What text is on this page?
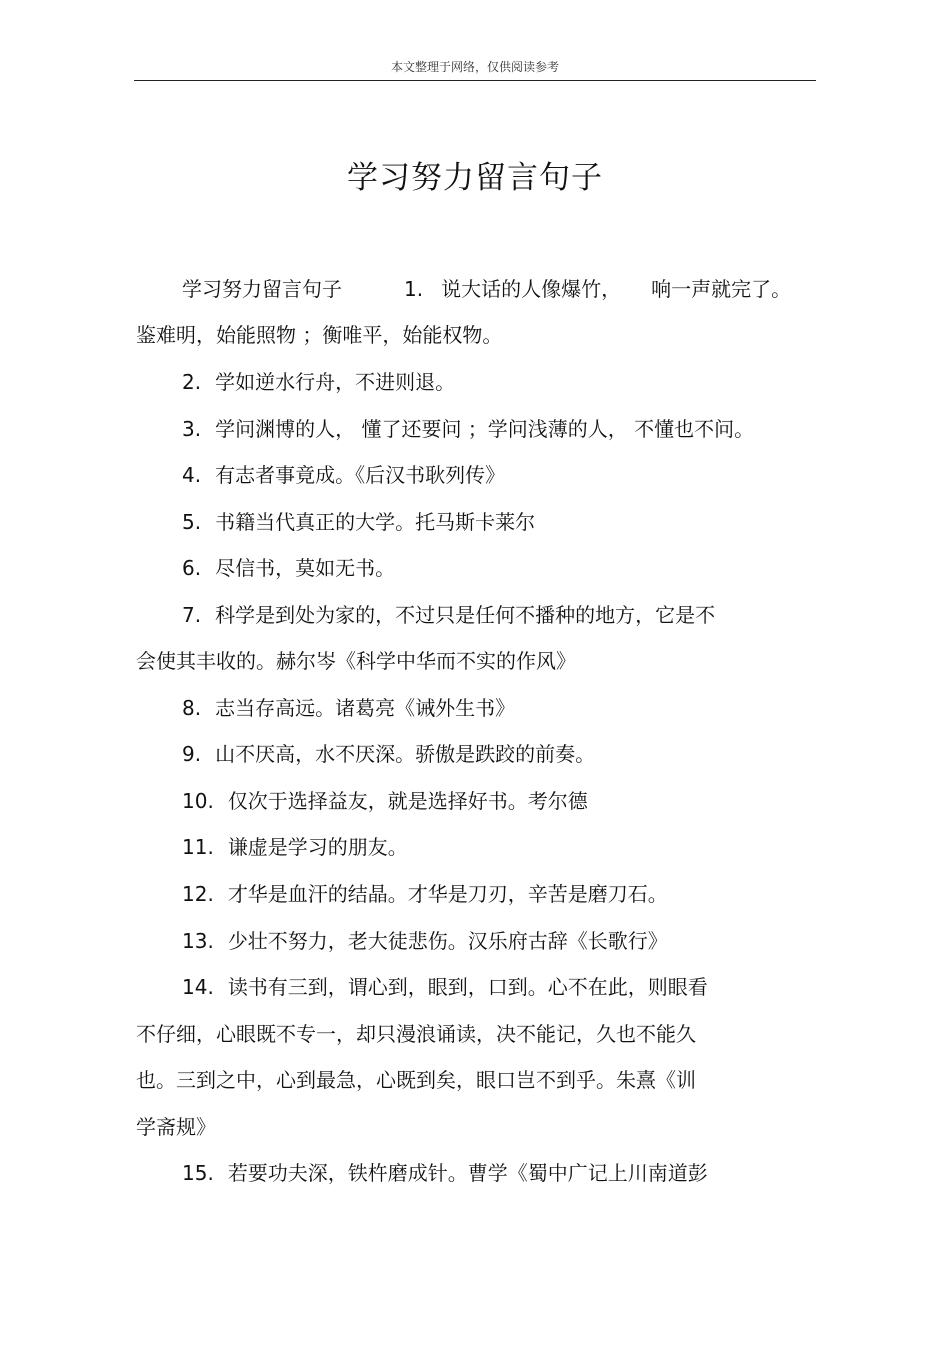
本文整理于网络，仅供阅读参考
学习努力留言句子
学习努力留言句子	1. 说大话的人像爆竹， 响一声就完了。
鉴难明，始能照物 ；衡唯平，始能权物。
2. 学如逆水行舟，不进则退。
3. 学问渊博的人， 懂了还要问 ；学问浅薄的人， 不懂也不问。
4. 有志者事竟成。《后汉书耿列传》
5. 书籍当代真正的大学。托马斯卡莱尔
6. 尽信书，莫如无书。
7. 科学是到处为家的，不过只是任何不播种的地方，它是不
会使其丰收的。赫尔岑《科学中华而不实的作风》
8. 志当存高远。诸葛亮《诫外生书》
9. 山不厌高，水不厌深。骄傲是跌跤的前奏。
10. 仅次于选择益友，就是选择好书。考尔德
11. 谦虚是学习的朋友。
12. 才华是血汗的结晶。才华是刀刃，辛苦是磨刀石。
13. 少壮不努力，老大徒悲伤。汉乐府古辞《长歌行》
14. 读书有三到，谓心到，眼到，口到。心不在此，则眼看
不仔细，心眼既不专一，却只漫浪诵读，决不能记，久也不能久
也。三到之中，心到最急，心既到矣，眼口岂不到乎。朱熹《训
学斋规》
15. 若要功夫深，铁杵磨成针。曹学《蜀中广记上川南道彭
